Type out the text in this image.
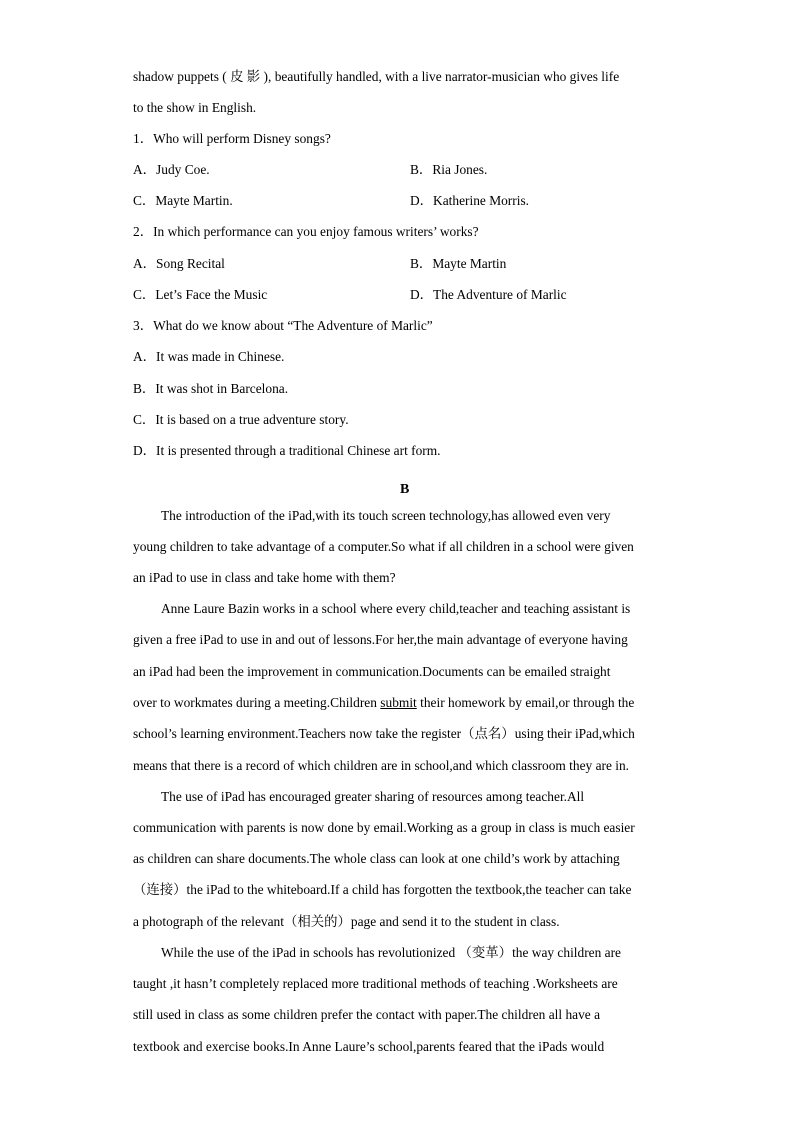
shadow puppets ( 皮 影 ), beautifully handled, with a live narrator-musician who gives life
to the show in English.
1．Who will perform Disney songs?
A．Judy Coe.	B．Ria Jones.
C．Mayte Martin.	D．Katherine Morris.
2．In which performance can you enjoy famous writers’ works?
A．Song Recital	B．Mayte Martin
C．Let’s Face the Music	D．The Adventure of Marlic
3．What do we know about “The Adventure of Marlic”
A．It was made in Chinese.
B．It was shot in Barcelona.
C．It is based on a true adventure story.
D．It is presented through a traditional Chinese art form.
B
The introduction of the iPad,with its touch screen technology,has allowed even very
young children to take advantage of a computer.So what if all children in a school were given
an iPad to use in class and take home with them?
Anne Laure Bazin works in a school where every child,teacher and teaching assistant is
given a free iPad to use in and out of lessons.For her,the main advantage of everyone having
an iPad had been the improvement in communication.Documents can be emailed straight
over to workmates during a meeting.Children submit their homework by email,or through the
school’s learning environment.Teachers now take the register（点名）using their iPad,which
means that there is a record of which children are in school,and which classroom they are in.
The use of iPad has encouraged greater sharing of resources among teacher.All
communication with parents is now done by email.Working as a group in class is much easier
as children can share documents.The whole class can look at one child’s work by attaching
（连接）the iPad to the whiteboard.If a child has forgotten the textbook,the teacher can take
a photograph of the relevant（相关的）page and send it to the student in class.
While the use of the iPad in schools has revolutionized （变革）the way children are
taught ,it hasn’t completely replaced more traditional methods of teaching .Worksheets are
still used in class as some children prefer the contact with paper.The children all have a
textbook and exercise books.In Anne Laure’s school,parents feared that the iPads would
